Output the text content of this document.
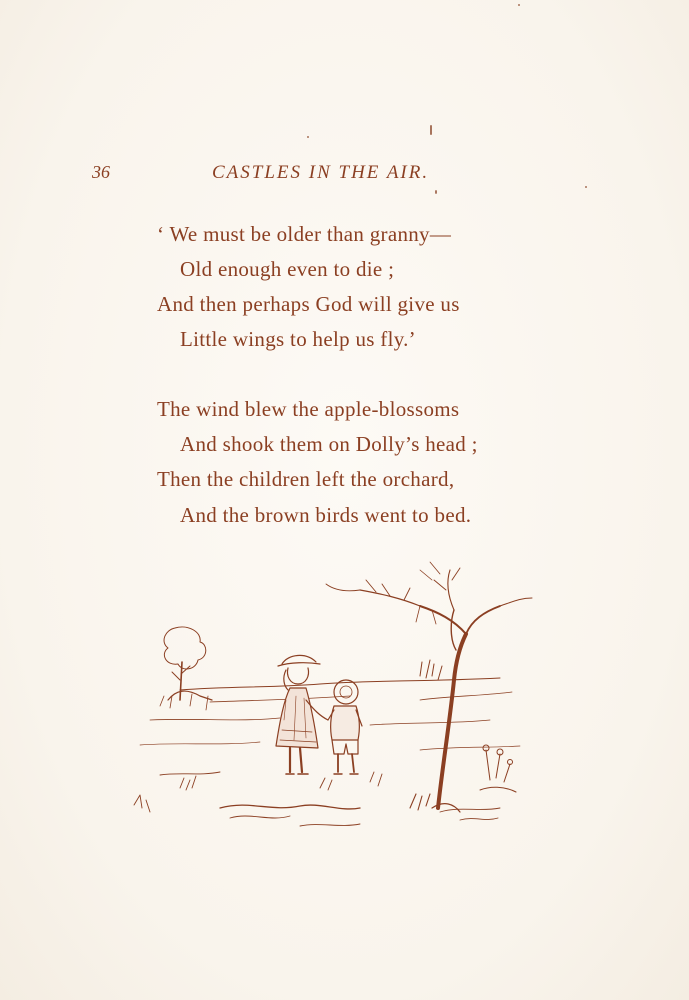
36	CASTLES IN THE AIR.
‘ We must be older than granny—
Old enough even to die ;
And then perhaps God will give us
Little wings to help us fly.’
The wind blew the apple-blossoms
And shook them on Dolly’s head ;
Then the children left the orchard,
And the brown birds went to bed.
